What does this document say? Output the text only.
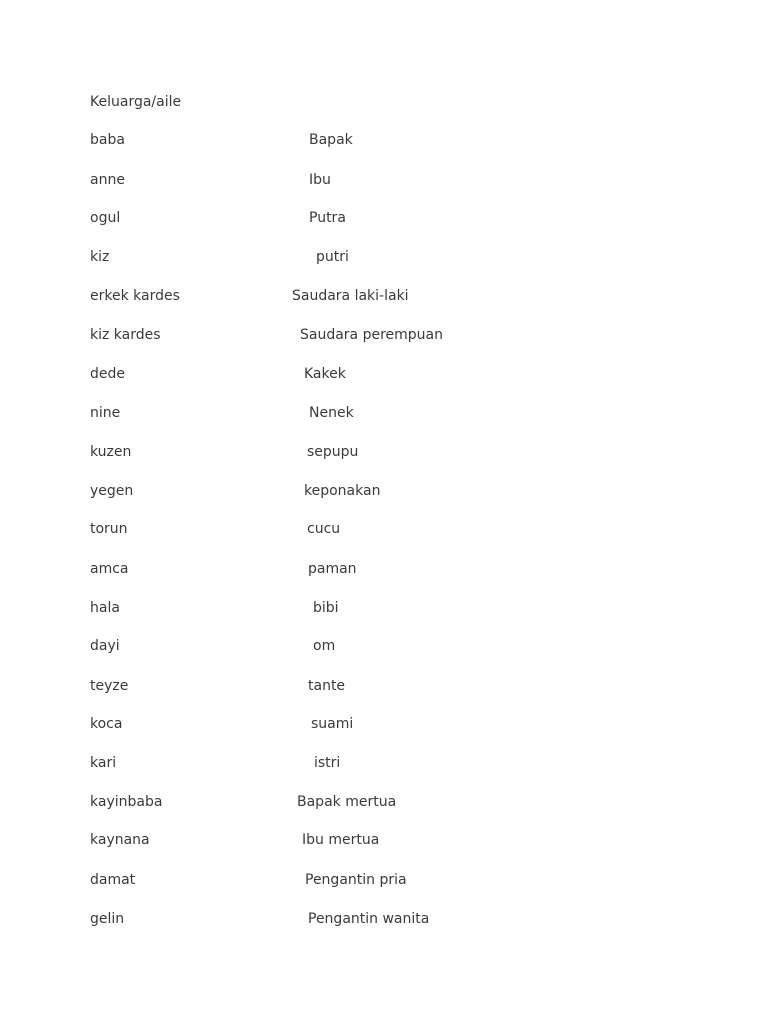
Keluarga/aile
baba	Bapak
anne	Ibu
ogul	Putra
kiz	putri
erkek kardes	Saudara laki-laki
kiz kardes	Saudara perempuan
dede	Kakek
nine	Nenek
kuzen	sepupu
yegen	keponakan
torun	cucu
amca	paman
hala	bibi
dayi	om
teyze	tante
koca	suami
kari	istri
kayinbaba	Bapak mertua
kaynana	Ibu mertua
damat	Pengantin pria
gelin	Pengantin wanita
